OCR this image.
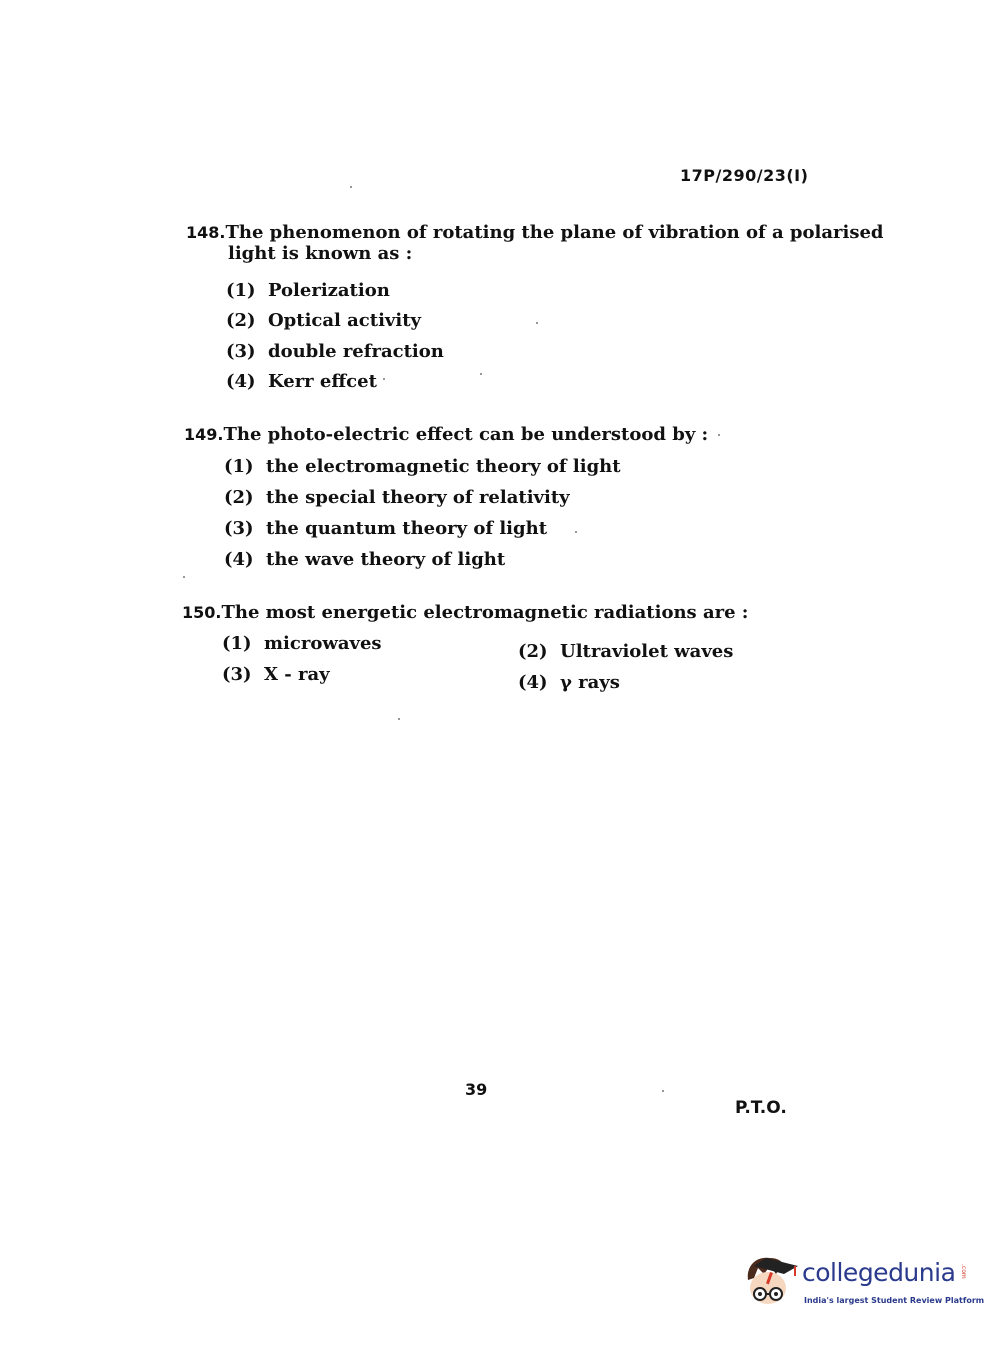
17P/290/23(I)
148.The phenomenon of rotating the plane of vibration of a polarised
light is known as :
(1) Polerization
(2) Optical activity
(3) double refraction
(4) Kerr effcet
149.The photo-electric effect can be understood by :
(1) the electromagnetic theory of light
(2) the special theory of relativity
(3) the quantum theory of light
(4) the wave theory of light
150.The most energetic electromagnetic radiations are :
(1) microwaves	(2) Ultraviolet waves
(3) X - ray	(4) γ rays
39
P.T.O.
collegedunia .com
India's largest Student Review Platform
